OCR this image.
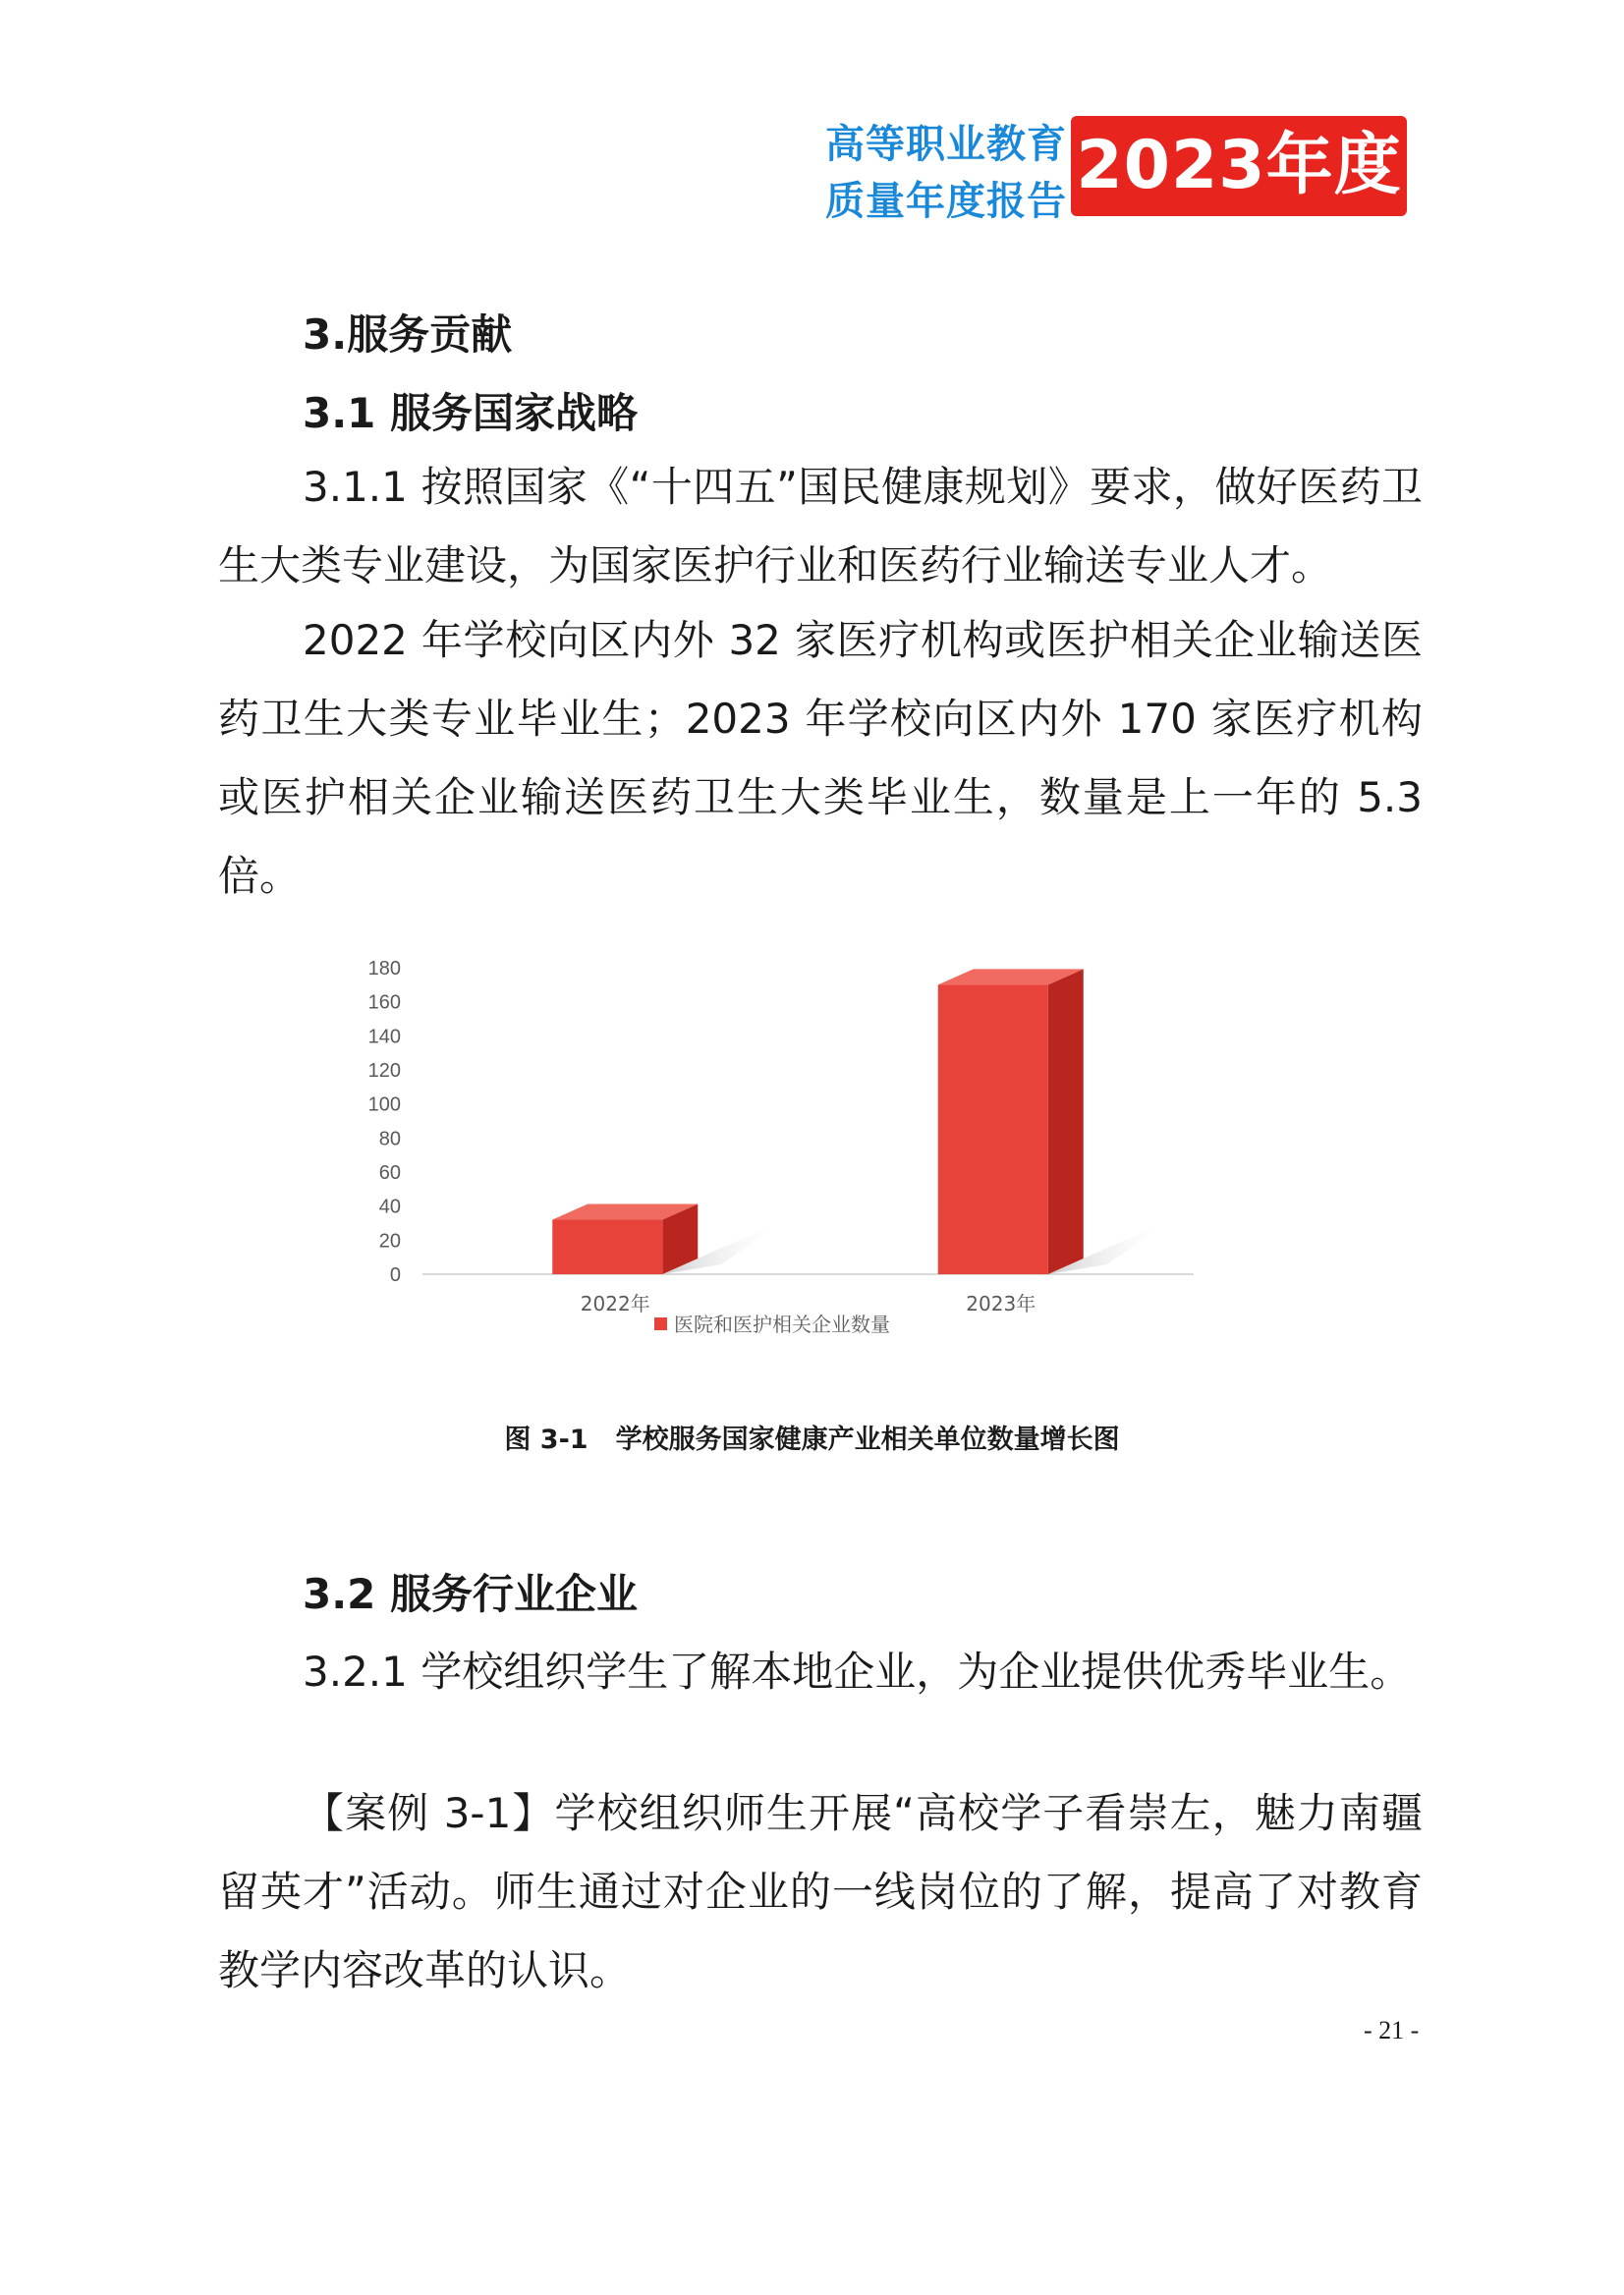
高等职业教育
质量年度报告 2023年度
3.服务贡献
3.1 服务国家战略
3.1.1 按照国家《“十四五”国民健康规划》要求，做好医药卫生大类专业建设，为国家医护行业和医药行业输送专业人才。
2022 年学校向区内外 32 家医疗机构或医护相关企业输送医药卫生大类专业毕业生；2023 年学校向区内外 170 家医疗机构或医护相关企业输送医药卫生大类毕业生，数量是上一年的 5.3 倍。
0
20
40
60
80
100
120
140
160
180
2022年	2023年
医院和医护相关企业数量
图 3-1 学校服务国家健康产业相关单位数量增长图
3.2 服务行业企业
3.2.1 学校组织学生了解本地企业，为企业提供优秀毕业生。
【案例 3-1】学校组织师生开展“高校学子看崇左，魅力南疆留英才”活动。师生通过对企业的一线岗位的了解，提高了对教育教学内容改革的认识。
- 21 -
